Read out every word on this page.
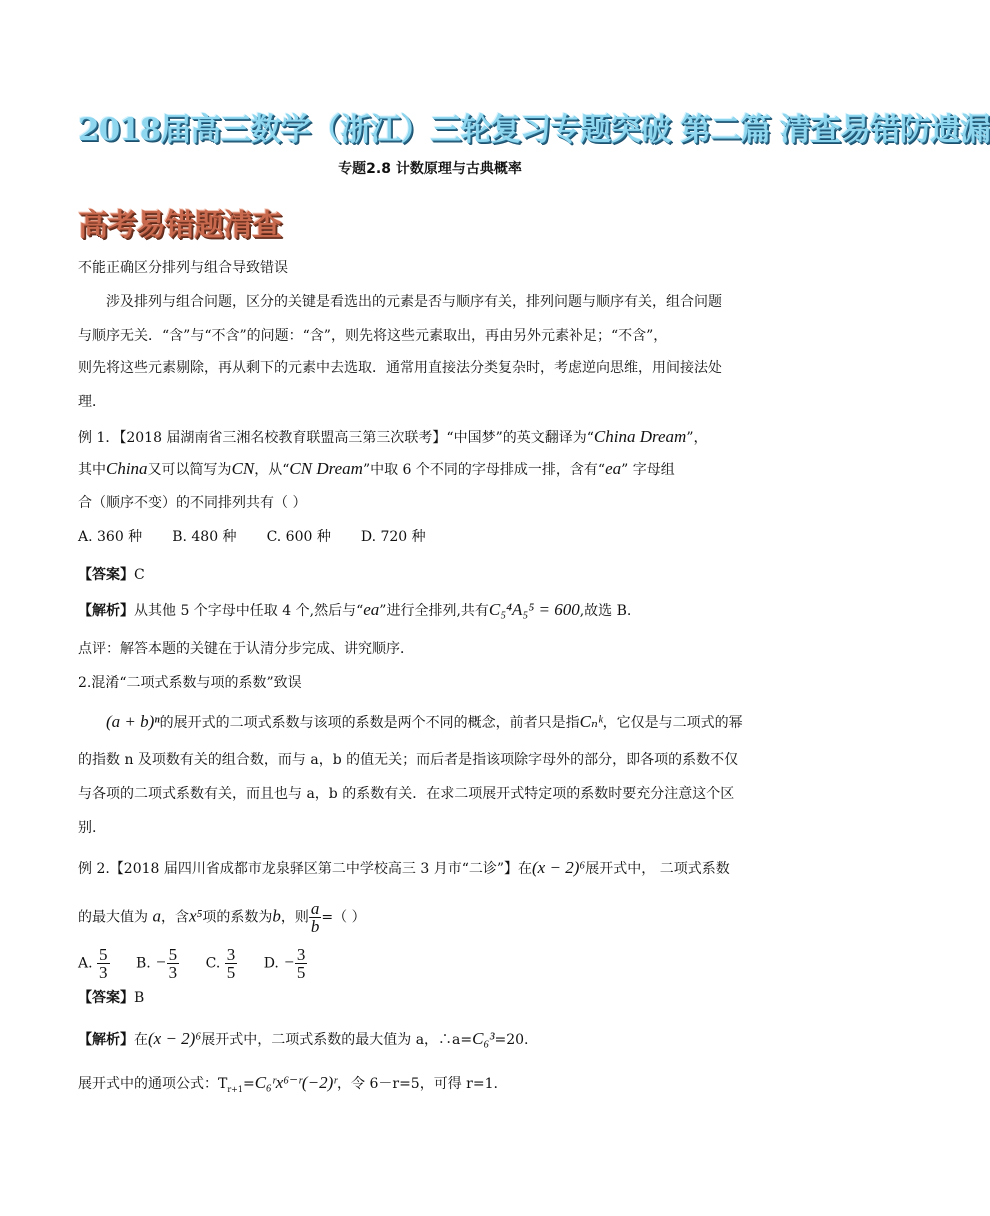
2018届高三数学（浙江）三轮复习专题突破 第二篇 清查易错防遗漏
专题2.8 计数原理与古典概率
高考易错题清查
不能正确区分排列与组合导致错误
涉及排列与组合问题，区分的关键是看选出的元素是否与顺序有关，排列问题与顺序有关，组合问题
与顺序无关．“含”与“不含”的问题：“含”，则先将这些元素取出，再由另外元素补足；“不含”，
则先将这些元素剔除，再从剩下的元素中去选取．通常用直接法分类复杂时，考虑逆向思维，用间接法处
理．
例 1．【2018 届湖南省三湘名校教育联盟高三第三次联考】“中国梦”的英文翻译为“China Dream”，
其中China又可以简写为CN，从“CN Dream”中取 6 个不同的字母排成一排，含有“ea” 字母组
合（顺序不变）的不同排列共有（ ）
A. 360 种 B. 480 种 C. 600 种 D. 720 种
【答案】C
【解析】从其他 5 个字母中任取 4 个,然后与“ea”进行全排列,共有C₅⁴A₅⁵ = 600,故选 B.
点评：解答本题的关键在于认清分步完成、讲究顺序．
2.混淆“二项式系数与项的系数”致误
(a + b)ⁿ的展开式的二项式系数与该项的系数是两个不同的概念，前者只是指Cₙᵏ，它仅是与二项式的幂
的指数 n 及项数有关的组合数，而与 a，b 的值无关；而后者是指该项除字母外的部分，即各项的系数不仅
与各项的二项式系数有关，而且也与 a，b 的系数有关．在求二项展开式特定项的系数时要充分注意这个区
别.
例 2.【2018 届四川省成都市龙泉驿区第二中学校高三 3 月市“二诊”】在(x − 2)⁶展开式中， 二项式系数
的最大值为 a，含x⁵项的系数为b，则 $\frac{a}{b}$ =（ ）
A. $\frac{5}{3} B$. − $\frac{5}{3} C$. $\frac{3}{5} D$. − $\frac{3}{5}$
【答案】B
【解析】在(x − 2)⁶展开式中，二项式系数的最大值为 a，∴a=C₆³=20.
展开式中的通项公式：$T_{r+1}=C_6ʳx^{6-}ʳ(-2)ʳ$，令 6－r=5，可得 r=1.
